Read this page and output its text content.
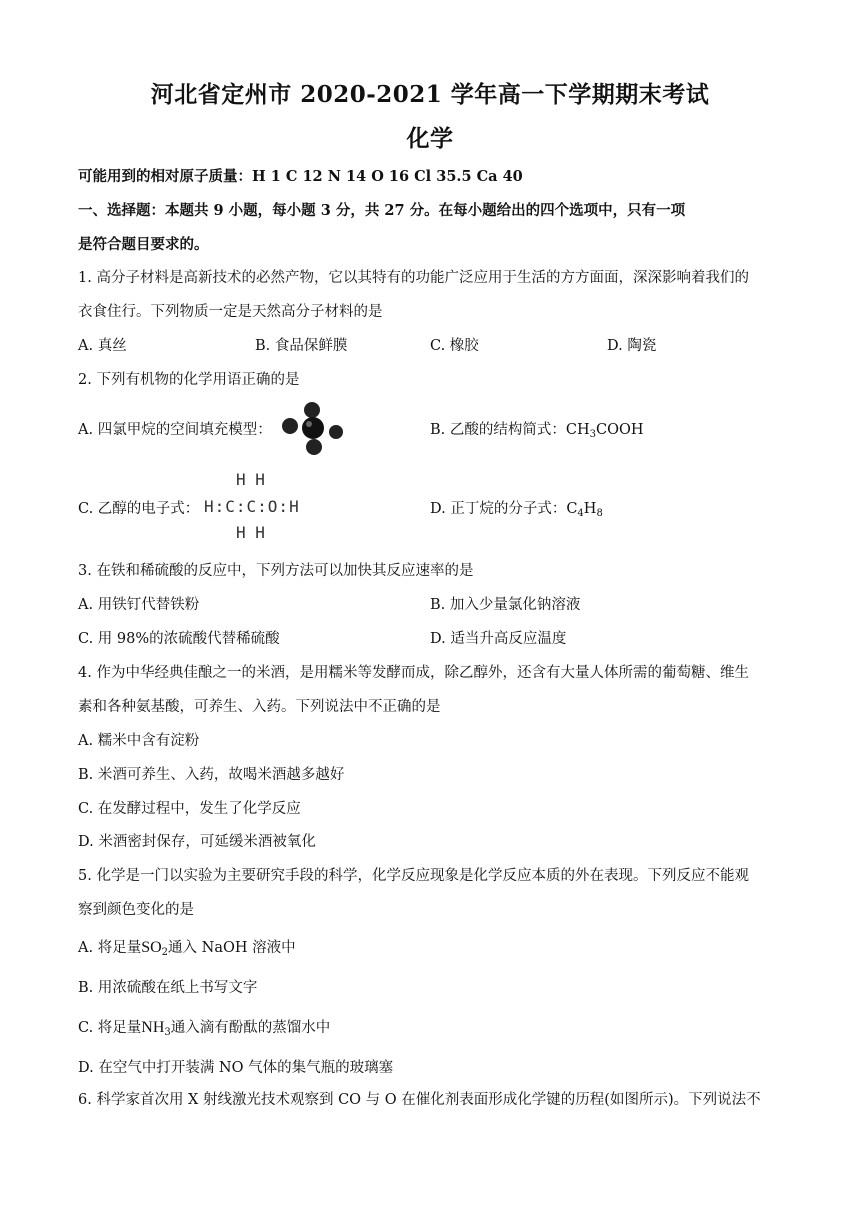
河北省定州市 2020-2021 学年高一下学期期末考试
化学
可能用到的相对原子质量：H 1 C 12 N 14 O 16 Cl 35.5 Ca 40
一、选择题：本题共 9 小题，每小题 3 分，共 27 分。在每小题给出的四个选项中，只有一项
是符合题目要求的。
1. 高分子材料是高新技术的必然产物，它以其特有的功能广泛应用于生活的方方面面，深深影响着我们的
衣食住行。下列物质一定是天然高分子材料的是
A. 真丝	B. 食品保鲜膜	C. 橡胶	D. 陶瓷
2. 下列有机物的化学用语正确的是
A. 四氯甲烷的空间填充模型：	B. 乙酸的结构简式：$CH_3COOH$
C. 乙醇的电子式：
H H
H:C:C:O:H
H H
D. 正丁烷的分子式：$C_4H_8$
3. 在铁和稀硫酸的反应中，下列方法可以加快其反应速率的是
A. 用铁钉代替铁粉	B. 加入少量氯化钠溶液
C. 用 98%的浓硫酸代替稀硫酸	D. 适当升高反应温度
4. 作为中华经典佳酿之一的米酒，是用糯米等发酵而成，除乙醇外，还含有大量人体所需的葡萄糖、维生
素和各种氨基酸，可养生、入药。下列说法中不正确的是
A. 糯米中含有淀粉
B. 米酒可养生、入药，故喝米酒越多越好
C. 在发酵过程中，发生了化学反应
D. 米酒密封保存，可延缓米酒被氧化
5. 化学是一门以实验为主要研究手段的科学，化学反应现象是化学反应本质的外在表现。下列反应不能观
察到颜色变化的是
A. 将足量$SO_2$通入 NaOH 溶液中
B. 用浓硫酸在纸上书写文字
C. 将足量$NH_3$通入滴有酚酞的蒸馏水中
D. 在空气中打开装满 NO 气体的集气瓶的玻璃塞
6. 科学家首次用 X 射线激光技术观察到 CO 与 O 在催化剂表面形成化学键的历程(如图所示)。下列说法不
